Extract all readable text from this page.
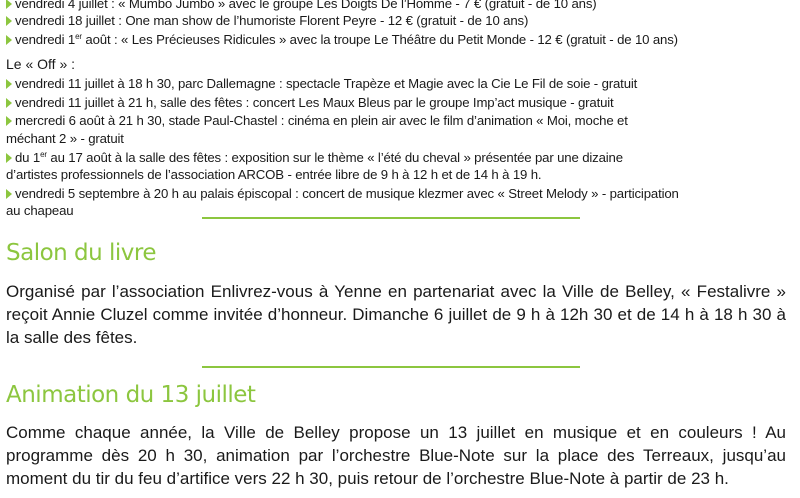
vendredi 4 juillet : « Mumbo Jumbo » avec le groupe Les Doigts De l’Homme - 7 € (gratuit - de 10 ans)
vendredi 18 juillet : One man show de l’humoriste Florent Peyre - 12 € (gratuit - de 10 ans)
vendredi 1er août : « Les Précieuses Ridicules » avec la troupe Le Théâtre du Petit Monde - 12 € (gratuit - de 10 ans)
Le « Off » :
vendredi 11 juillet à 18 h 30, parc Dallemagne : spectacle Trapèze et Magie avec la Cie Le Fil de soie - gratuit
vendredi 11 juillet à 21 h, salle des fêtes : concert Les Maux Bleus par le groupe Imp’act musique - gratuit
mercredi 6 août à 21 h 30, stade Paul-Chastel : cinéma en plein air avec le film d’animation « Moi, moche et
méchant 2 » - gratuit
du 1er au 17 août à la salle des fêtes : exposition sur le thème « l’été du cheval » présentée par une dizaine
d’artistes professionnels de l’association ARCOB - entrée libre de 9 h à 12 h et de 14 h à 19 h.
vendredi 5 septembre à 20 h au palais épiscopal : concert de musique klezmer avec « Street Melody » - participation
au chapeau
Salon du livre
Organisé par l’association Enlivrez-vous à Yenne en partenariat avec la Ville de Belley, « Festalivre » reçoit Annie Cluzel comme invitée d’honneur. Dimanche 6 juillet de 9 h à 12h 30 et de 14 h à 18 h 30 à la salle des fêtes.
Animation du 13 juillet
Comme chaque année, la Ville de Belley propose un 13 juillet en musique et en couleurs ! Au programme dès 20 h 30, animation par l’orchestre Blue-Note sur la place des Terreaux, jusqu’au moment du tir du feu d’artifice vers 22 h 30, puis retour de l’orchestre Blue-Note à partir de 23 h.
